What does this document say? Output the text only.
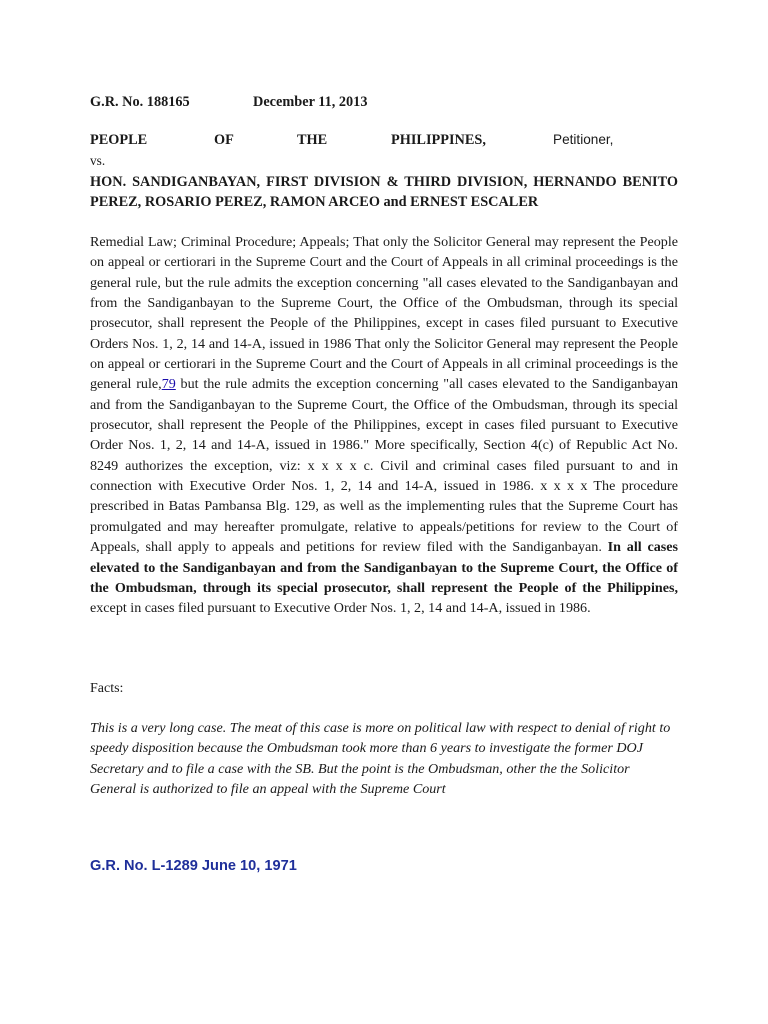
G.R. No. 188165	December 11, 2013
PEOPLE	OF	THE	PHILIPPINES,	Petitioner,
vs.
HON. SANDIGANBAYAN, FIRST DIVISION & THIRD DIVISION, HERNANDO BENITO PEREZ, ROSARIO PEREZ, RAMON ARCEO and ERNEST ESCALER

Remedial Law; Criminal Procedure; Appeals; That only the Solicitor General may represent the People on appeal or certiorari in the Supreme Court and the Court of Appeals in all criminal proceedings is the general rule, but the rule admits the exception concerning "all cases elevated to the Sandiganbayan and from the Sandiganbayan to the Supreme Court, the Office of the Ombudsman, through its special prosecutor, shall represent the People of the Philippines, except in cases filed pursuant to Executive Orders Nos. 1, 2, 14 and 14-A, issued in 1986 That only the Solicitor General may represent the People on appeal or certiorari in the Supreme Court and the Court of Appeals in all criminal proceedings is the general rule,79 but the rule admits the exception concerning "all cases elevated to the Sandiganbayan and from the Sandiganbayan to the Supreme Court, the Office of the Ombudsman, through its special prosecutor, shall represent the People of the Philippines, except in cases filed pursuant to Executive Order Nos. 1, 2, 14 and 14-A, issued in 1986." More specifically, Section 4(c) of Republic Act No. 8249 authorizes the exception, viz: x x x x c. Civil and criminal cases filed pursuant to and in connection with Executive Order Nos. 1, 2, 14 and 14-A, issued in 1986. x x x x The procedure prescribed in Batas Pambansa Blg. 129, as well as the implementing rules that the Supreme Court has promulgated and may hereafter promulgate, relative to appeals/petitions for review to the Court of Appeals, shall apply to appeals and petitions for review filed with the Sandiganbayan. In all cases elevated to the Sandiganbayan and from the Sandiganbayan to the Supreme Court, the Office of the Ombudsman, through its special prosecutor, shall represent the People of the Philippines, except in cases filed pursuant to Executive Order Nos. 1, 2, 14 and 14-A, issued in 1986.

Facts:

This is a very long case. The meat of this case is more on political law with respect to denial of right to speedy disposition because the Ombudsman took more than 6 years to investigate the former DOJ Secretary and to file a case with the SB. But the point is the Ombudsman, other the the Solicitor General is authorized to file an appeal with the Supreme Court

G.R. No. L-1289 June 10, 1971
